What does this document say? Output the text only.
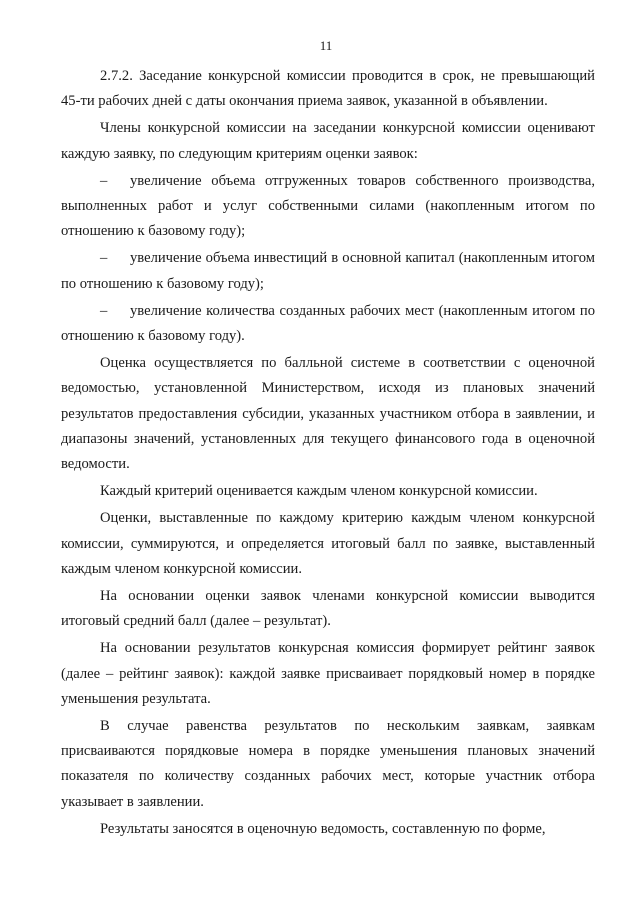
11

2.7.2. Заседание конкурсной комиссии проводится в срок, не превышающий 45-ти рабочих дней с даты окончания приема заявок, указанной в объявлении.

Члены конкурсной комиссии на заседании конкурсной комиссии оценивают каждую заявку, по следующим критериям оценки заявок:

– увеличение объема отгруженных товаров собственного производства, выполненных работ и услуг собственными силами (накопленным итогом по отношению к базовому году);

– увеличение объема инвестиций в основной капитал (накопленным итогом по отношению к базовому году);

– увеличение количества созданных рабочих мест (накопленным итогом по отношению к базовому году).

Оценка осуществляется по балльной системе в соответствии с оценочной ведомостью, установленной Министерством, исходя из плановых значений результатов предоставления субсидии, указанных участником отбора в заявлении, и диапазоны значений, установленных для текущего финансового года в оценочной ведомости.

Каждый критерий оценивается каждым членом конкурсной комиссии.

Оценки, выставленные по каждому критерию каждым членом конкурсной комиссии, суммируются, и определяется итоговый балл по заявке, выставленный каждым членом конкурсной комиссии.

На основании оценки заявок членами конкурсной комиссии выводится итоговый средний балл (далее – результат).

На основании результатов конкурсная комиссия формирует рейтинг заявок (далее – рейтинг заявок): каждой заявке присваивает порядковый номер в порядке уменьшения результата.

В случае равенства результатов по нескольким заявкам, заявкам присваиваются порядковые номера в порядке уменьшения плановых значений показателя по количеству созданных рабочих мест, которые участник отбора указывает в заявлении.

Результаты заносятся в оценочную ведомость, составленную по форме,
